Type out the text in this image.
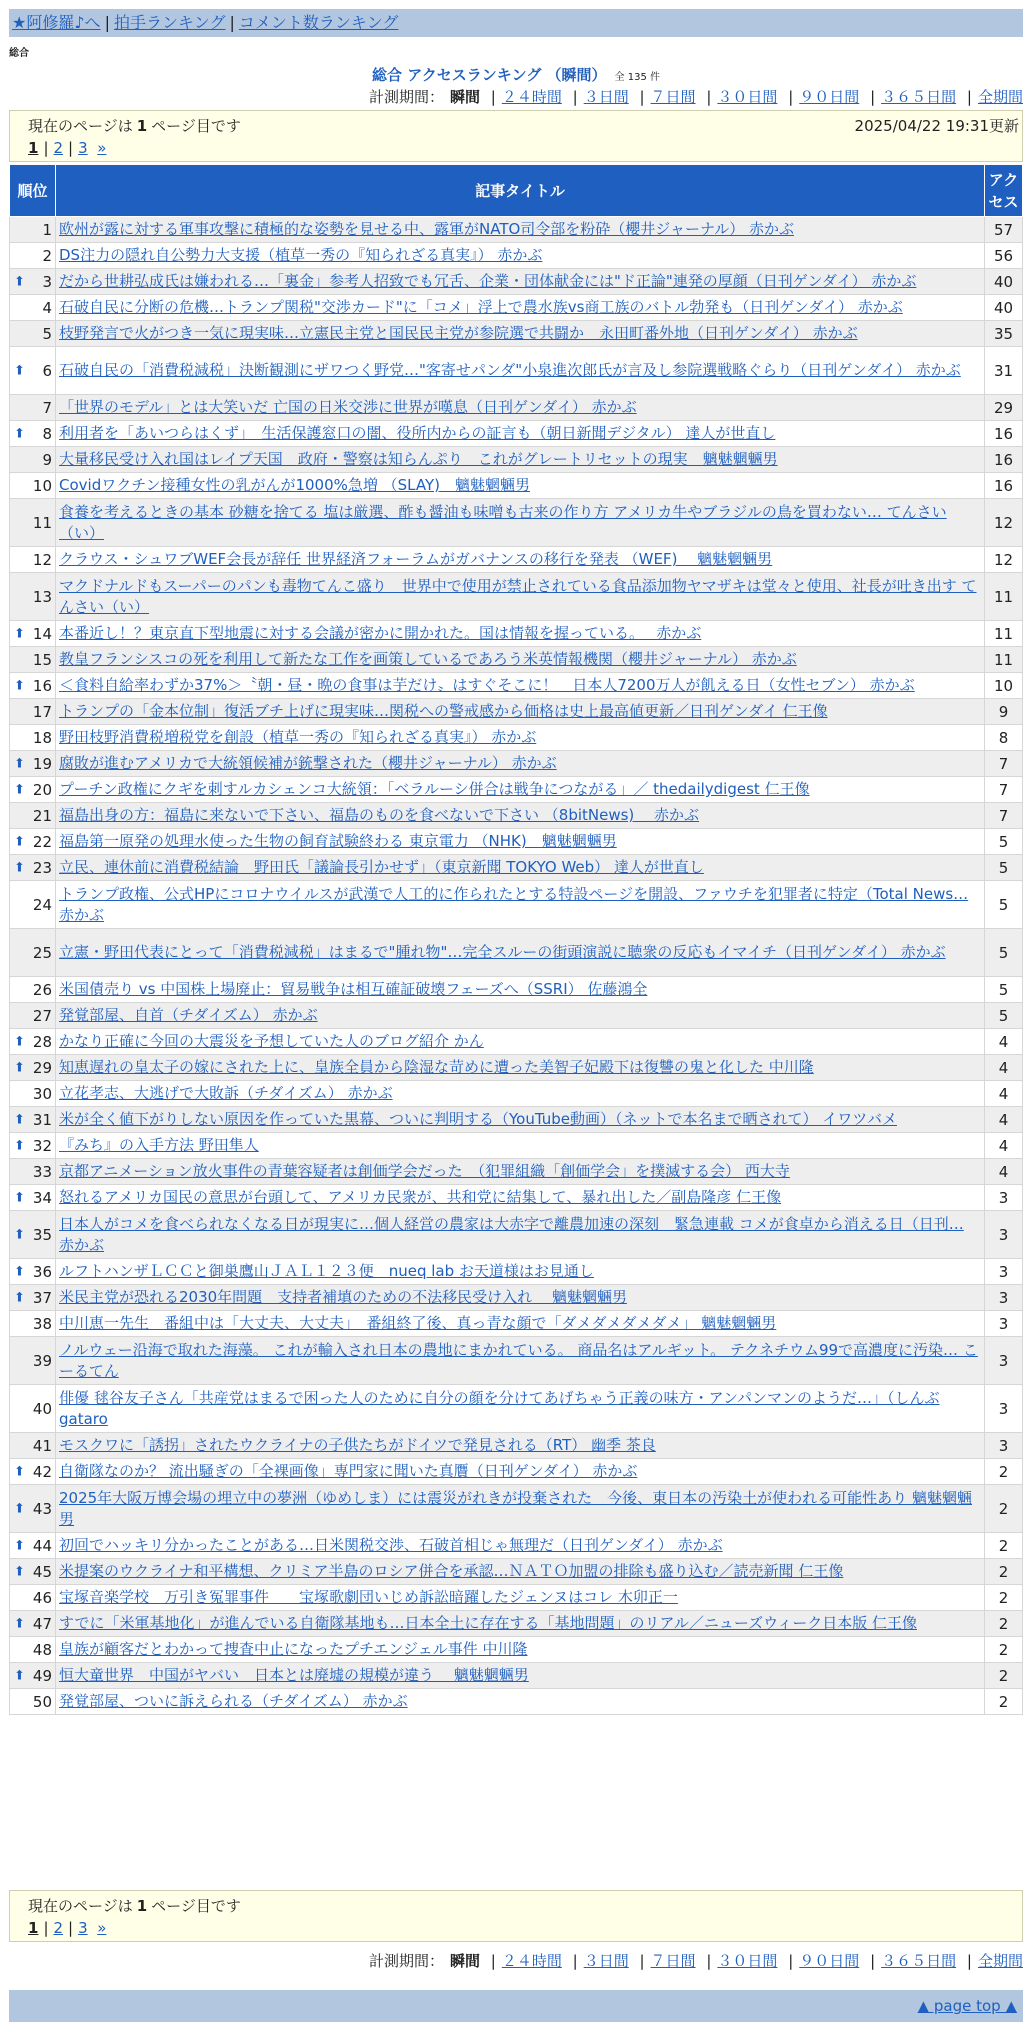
★阿修羅♪へ | 拍手ランキング | コメント数ランキング
総合
総合 アクセスランキング （瞬間） 全 135 件
計測期間： 瞬間 | ２４時間 | ３日間 | ７日間 | ３０日間 | ９０日間 | ３６５日間 | 全期間
現在のページは 1 ページ目です	2025/04/22 19:31更新
1 | 2 | 3 »
順位	記事タイトル	アクセス
1	欧州が露に対する軍事攻撃に積極的な姿勢を見せる中、露軍がNATO司令部を粉砕（櫻井ジャーナル） 赤かぶ	57
2	DS注力の隠れ自公勢力大支援（植草一秀の『知られざる真実』） 赤かぶ	56

⬆ 3	だから世耕弘成氏は嫌われる…「裏金」参考人招致でも冗舌、企業・団体献金には"ド正論"連発の厚顔（日刊ゲンダイ） 赤かぶ	40
4	石破自民に分断の危機…トランプ関税"交渉カード"に「コメ」浮上で農水族vs商工族のバトル勃発も（日刊ゲンダイ） 赤かぶ	40
5	枝野発言で火がつき一気に現実味…立憲民主党と国民民主党が参院選で共闘か　永田町番外地（日刊ゲンダイ） 赤かぶ	35

⬆ 6	石破自民の「消費税減税」決断観測にザワつく野党…"客寄せパンダ"小泉進次郎氏が言及し参院選戦略ぐらり（日刊ゲンダイ） 赤かぶ	31
7	「世界のモデル」とは大笑いだ 亡国の日米交渉に世界が嘆息（日刊ゲンダイ） 赤かぶ	29

⬆ 8	利用者を「あいつらはくず」　生活保護窓口の闇、役所内からの証言も（朝日新聞デジタル） 達人が世直し	16
9	大量移民受け入れ国はレイプ天国　政府・警察は知らんぷり　これがグレートリセットの現実　魑魅魍魎男	16
10	Covidワクチン接種女性の乳がんが1000%急増 （SLAY)　魑魅魍魎男	16
11	食養を考えるときの基本 砂糖を捨てる 塩は厳選、酢も醤油も味噌も古来の作り方 アメリカ牛やブラジルの鳥を買わない… てんさい（い）	12
12	クラウス・シュワブWEF会長が辞任 世界経済フォーラムがガバナンスの移行を発表 （WEF)　 魑魅魍魎男	12
13	マクドナルドもスーパーのパンも毒物てんこ盛り　世界中で使用が禁止されている食品添加物ヤマザキは堂々と使用、社長が吐き出す てんさい（い）	11

⬆ 14	本番近し！？東京直下型地震に対する会議が密かに開かれた。国は情報を握っている。　 赤かぶ	11
15	教皇フランシスコの死を利用して新たな工作を画策しているであろう米英情報機関（櫻井ジャーナル） 赤かぶ	11

⬆ 16	＜食料自給率わずか37%＞〝朝・昼・晩の食事は芋だけ〟はすぐそこに！　日本人7200万人が飢える日（女性セブン） 赤かぶ	10
17	トランプの「金本位制」復活ブチ上げに現実味…関税への警戒感から価格は史上最高値更新／日刊ゲンダイ 仁王像	9
18	野田枝野消費税増税党を創設（植草一秀の『知られざる真実』） 赤かぶ	8

⬆ 19	腐敗が進むアメリカで大統領候補が銃撃された（櫻井ジャーナル） 赤かぶ	7

⬆ 20	プーチン政権にクギを刺すルカシェンコ大統領：「ベラルーシ併合は戦争につながる」／ thedailydigest 仁王像	7
21	福島出身の方：福島に来ないで下さい、福島のものを食べないで下さい （8bitNews)　 赤かぶ	7

⬆ 22	福島第一原発の処理水使った生物の飼育試験終わる 東京電力 （NHK)　魑魅魍魎男	5

⬆ 23	立民、連休前に消費税結論　野田氏「議論長引かせず」（東京新聞 TOKYO Web） 達人が世直し	5
24	トランプ政権、公式HPにコロナウイルスが武漢で人工的に作られたとする特設ページを開設、ファウチを犯罪者に特定（Total News… 赤かぶ	5
25	立憲・野田代表にとって「消費税減税」はまるで"腫れ物"…完全スルーの街頭演説に聴衆の反応もイマイチ（日刊ゲンダイ） 赤かぶ	5
26	米国債売り vs 中国株上場廃止：貿易戦争は相互確証破壊フェーズへ（SSRI） 佐藤鴻全	5
27	発覚部屋、自首（チダイズム） 赤かぶ	5

⬆ 28	かなり正確に今回の大震災を予想していた人のブログ紹介 かん	4

⬆ 29	知恵遅れの皇太子の嫁にされた上に、皇族全員から陰湿な苛めに遭った美智子妃殿下は復讐の鬼と化した 中川隆	4
30	立花孝志、大逃げで大敗訴（チダイズム） 赤かぶ	4

⬆ 31	米が全く値下がりしない原因を作っていた黒幕、ついに判明する（YouTube動画）（ネットで本名まで晒されて） イワツバメ	4

⬆ 32	『みち』の入手方法 野田隼人	4
33	京都アニメーション放火事件の青葉容疑者は創価学会だった　（犯罪組織「創価学会」を撲滅する会） 西大寺	4

⬆ 34	怒れるアメリカ国民の意思が台頭して、アメリカ民衆が、共和党に結集して、暴れ出した／副島隆彦 仁王像	3

⬆ 35	日本人がコメを食べられなくなる日が現実に…個人経営の農家は大赤字で離農加速の深刻　緊急連載 コメが食卓から消える日（日刊… 赤かぶ	3

⬆ 36	ルフトハンザＬＣＣと御巣鷹山ＪＡＬ１２３便　nueq lab お天道様はお見通し	3

⬆ 37	米民主党が恐れる2030年問題　支持者補填のための不法移民受け入れ　 魑魅魍魎男	3
38	中川恵一先生　番組中は「大丈夫、大丈夫」　番組終了後、真っ青な顔で「ダメダメダメダメ」 魑魅魍魎男	3
39	ノルウェー沿海で取れた海藻。 これが輸入され日本の農地にまかれている。 商品名はアルギット。 テクネチウム99で高濃度に汚染… こーるてん	3
40	俳優 毬谷友子さん「共産党はまるで困った人のために自分の顔を分けてあげちゃう正義の味方・アンパンマンのようだ…」（しんぶ gataro	3
41	モスクワに「誘拐」されたウクライナの子供たちがドイツで発見される（RT） 幽季 茶良	3

⬆ 42	自衛隊なのか？ 流出騒ぎの「全裸画像」専門家に聞いた真贋（日刊ゲンダイ） 赤かぶ	2

⬆ 43	2025年大阪万博会場の埋立中の夢洲（ゆめしま）には震災がれきが投棄された　今後、東日本の汚染土が使われる可能性あり 魑魅魍魎男	2

⬆ 44	初回でハッキリ分かったことがある…日米関税交渉、石破首相じゃ無理だ（日刊ゲンダイ） 赤かぶ	2

⬆ 45	米提案のウクライナ和平構想、クリミア半島のロシア併合を承認…ＮＡＴＯ加盟の排除も盛り込む／読売新聞 仁王像	2
46	宝塚音楽学校　万引き冤罪事件　　宝塚歌劇団いじめ訴訟暗躍したジェンヌはコレ 木卯正一	2

⬆ 47	すでに「米軍基地化」が進んでいる自衛隊基地も…日本全土に存在する「基地問題」のリアル／ニューズウィーク日本版 仁王像	2
48	皇族が顧客だとわかって捜査中止になったプチエンジェル事件 中川隆	2

⬆ 49	恒大童世界　中国がヤバい　日本とは廃墟の規模が違う　 魑魅魍魎男	2
50	発覚部屋、ついに訴えられる（チダイズム） 赤かぶ	2
現在のページは 1 ページ目です
1 | 2 | 3 »
計測期間： 瞬間 | ２４時間 | ３日間 | ７日間 | ３０日間 | ９０日間 | ３６５日間 | 全期間
▲ page top ▲
